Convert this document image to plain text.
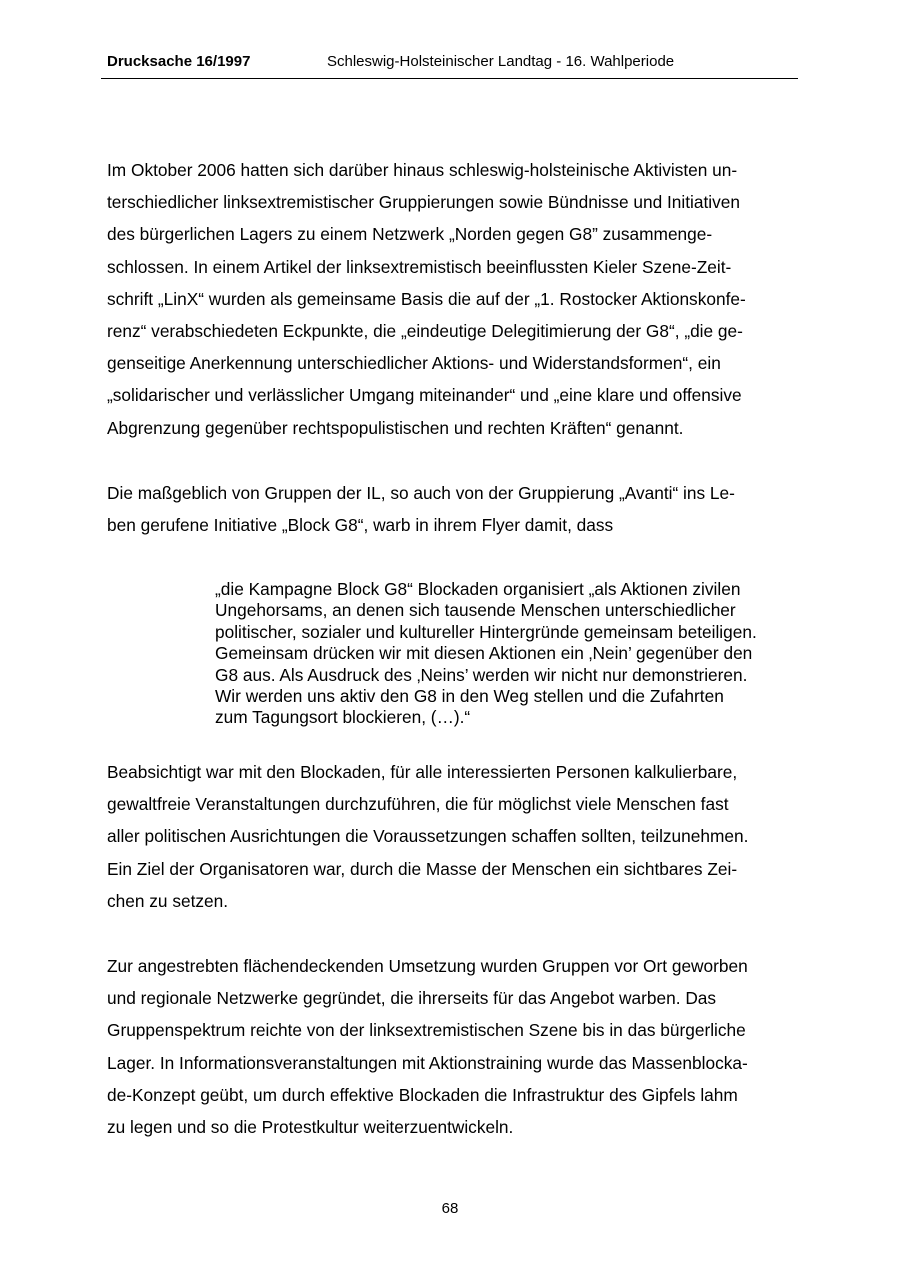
Drucksache 16/1997	Schleswig-Holsteinischer Landtag - 16. Wahlperiode

Im Oktober 2006 hatten sich darüber hinaus schleswig-holsteinische Aktivisten un-
terschiedlicher linksextremistischer Gruppierungen sowie Bündnisse und Initiativen
des bürgerlichen Lagers zu einem Netzwerk „Norden gegen G8” zusammenge-
schlossen. In einem Artikel der linksextremistisch beeinflussten Kieler Szene-Zeit-
schrift „LinX“ wurden als gemeinsame Basis die auf der „1. Rostocker Aktionskonfe-
renz“ verabschiedeten Eckpunkte, die „eindeutige Delegitimierung der G8“, „die ge-
genseitige Anerkennung unterschiedlicher Aktions- und Widerstandsformen“, ein
„solidarischer und verlässlicher Umgang miteinander“ und „eine klare und offensive
Abgrenzung gegenüber rechtspopulistischen und rechten Kräften“ genannt.

Die maßgeblich von Gruppen der IL, so auch von der Gruppierung „Avanti“ ins Le-
ben gerufene Initiative „Block G8“, warb in ihrem Flyer damit, dass

„die Kampagne Block G8“ Blockaden organisiert „als Aktionen zivilen
Ungehorsams, an denen sich tausende Menschen unterschiedlicher
politischer, sozialer und kultureller Hintergründe gemeinsam beteiligen.
Gemeinsam drücken wir mit diesen Aktionen ein ‚Nein’ gegenüber den
G8 aus. Als Ausdruck des ‚Neins’ werden wir nicht nur demonstrieren.
Wir werden uns aktiv den G8 in den Weg stellen und die Zufahrten
zum Tagungsort blockieren, (…).“

Beabsichtigt war mit den Blockaden, für alle interessierten Personen kalkulierbare,
gewaltfreie Veranstaltungen durchzuführen, die für möglichst viele Menschen fast
aller politischen Ausrichtungen die Voraussetzungen schaffen sollten, teilzunehmen.
Ein Ziel der Organisatoren war, durch die Masse der Menschen ein sichtbares Zei-
chen zu setzen.

Zur angestrebten flächendeckenden Umsetzung wurden Gruppen vor Ort geworben
und regionale Netzwerke gegründet, die ihrerseits für das Angebot warben. Das
Gruppenspektrum reichte von der linksextremistischen Szene bis in das bürgerliche
Lager. In Informationsveranstaltungen mit Aktionstraining wurde das Massenblocka-
de-Konzept geübt, um durch effektive Blockaden die Infrastruktur des Gipfels lahm
zu legen und so die Protestkultur weiterzuentwickeln.

68
